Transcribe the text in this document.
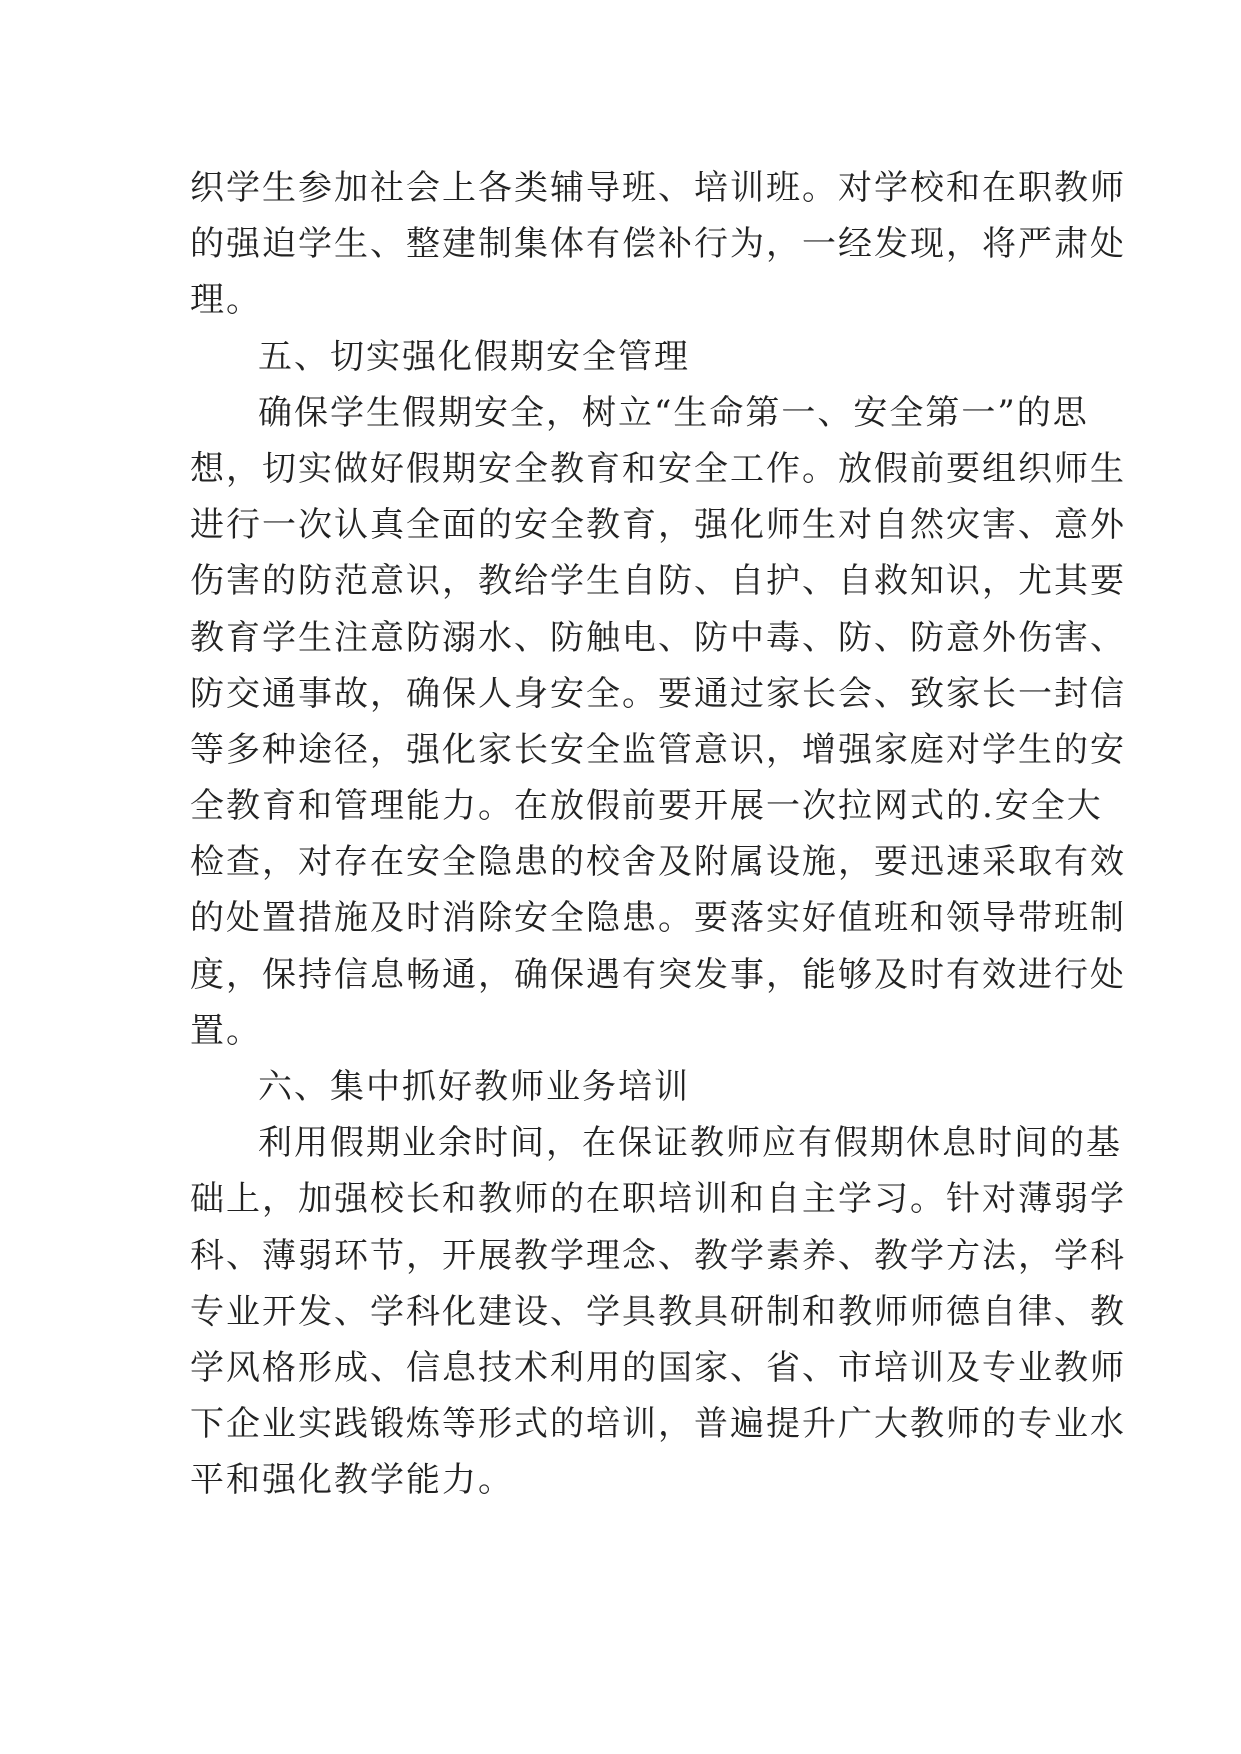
织学生参加社会上各类辅导班、培训班。对学校和在职教师
的强迫学生、整建制集体有偿补行为，一经发现，将严肃处
理。
五、切实强化假期安全管理
确保学生假期安全，树立“生命第一、安全第一”的思
想，切实做好假期安全教育和安全工作。放假前要组织师生
进行一次认真全面的安全教育，强化师生对自然灾害、意外
伤害的防范意识，教给学生自防、自护、自救知识，尤其要
教育学生注意防溺水、防触电、防中毒、防、防意外伤害、
防交通事故，确保人身安全。要通过家长会、致家长一封信
等多种途径，强化家长安全监管意识，增强家庭对学生的安
全教育和管理能力。在放假前要开展一次拉网式的.安全大
检查，对存在安全隐患的校舍及附属设施，要迅速采取有效
的处置措施及时消除安全隐患。要落实好值班和领导带班制
度，保持信息畅通，确保遇有突发事，能够及时有效进行处
置。
六、集中抓好教师业务培训
利用假期业余时间，在保证教师应有假期休息时间的基
础上，加强校长和教师的在职培训和自主学习。针对薄弱学
科、薄弱环节，开展教学理念、教学素养、教学方法，学科
专业开发、学科化建设、学具教具研制和教师师德自律、教
学风格形成、信息技术利用的国家、省、市培训及专业教师
下企业实践锻炼等形式的培训，普遍提升广大教师的专业水
平和强化教学能力。
